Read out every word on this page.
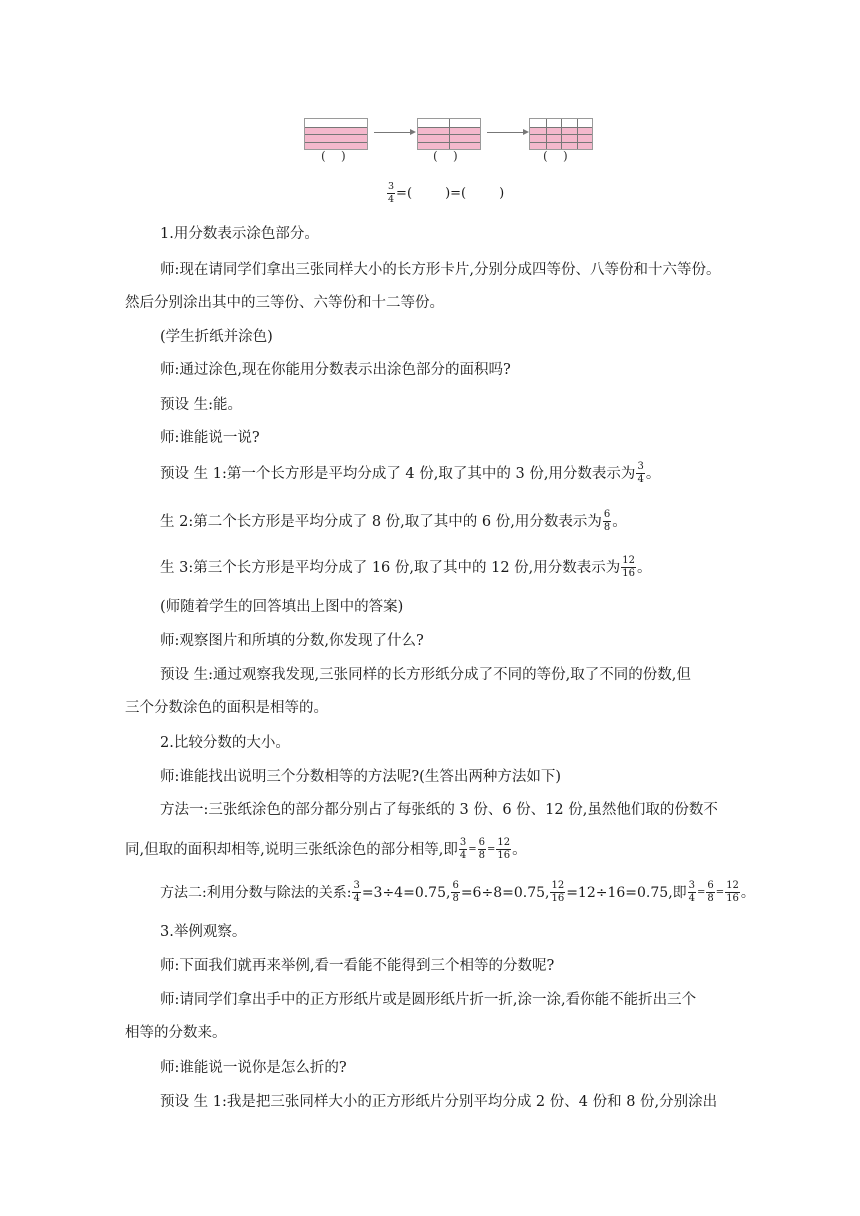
(    )	(    )	(    )
$\frac{3}{4}$ =(        )=(        )
1.用分数表示涂色部分。
师:现在请同学们拿出三张同样大小的长方形卡片,分别分成四等份、八等份和十六等份。
然后分别涂出其中的三等份、六等份和十二等份。
(学生折纸并涂色)
师:通过涂色,现在你能用分数表示出涂色部分的面积吗?
预设 生:能。
师:谁能说一说?
预设 生 1:第一个长方形是平均分成了 4 份,取了其中的 3 份,用分数表示为 $\frac{3}{4}$ 。
生 2:第二个长方形是平均分成了 8 份,取了其中的 6 份,用分数表示为 $\frac{6}{8}$ 。
生 3:第三个长方形是平均分成了 16 份,取了其中的 12 份,用分数表示为 $\frac{12}{16}$ 。
(师随着学生的回答填出上图中的答案)
师:观察图片和所填的分数,你发现了什么?
预设 生:通过观察我发现,三张同样的长方形纸分成了不同的等份,取了不同的份数,但
三个分数涂色的面积是相等的。
2.比较分数的大小。
师:谁能找出说明三个分数相等的方法呢?(生答出两种方法如下)
方法一:三张纸涂色的部分都分别占了每张纸的 3 份、6 份、12 份,虽然他们取的份数不
同,但取的面积却相等,说明三张纸涂色的部分相等,即 $\frac{3}{4} = \frac{6}{8} = \frac{12}{16}$ 。
方法二:利用分数与除法的关系: $\frac{3}{4} =3\div 4=0.75$, $\frac{6}{8} =6\div 8=0.75$, $\frac{12}{16} =12\div 16=0.75$,即 $\frac{3}{4} = \frac{6}{8} = \frac{12}{16}$ 。
3.举例观察。
师:下面我们就再来举例,看一看能不能得到三个相等的分数呢?
师:请同学们拿出手中的正方形纸片或是圆形纸片折一折,涂一涂,看你能不能折出三个
相等的分数来。
师:谁能说一说你是怎么折的?
预设 生 1:我是把三张同样大小的正方形纸片分别平均分成 2 份、4 份和 8 份,分别涂出
